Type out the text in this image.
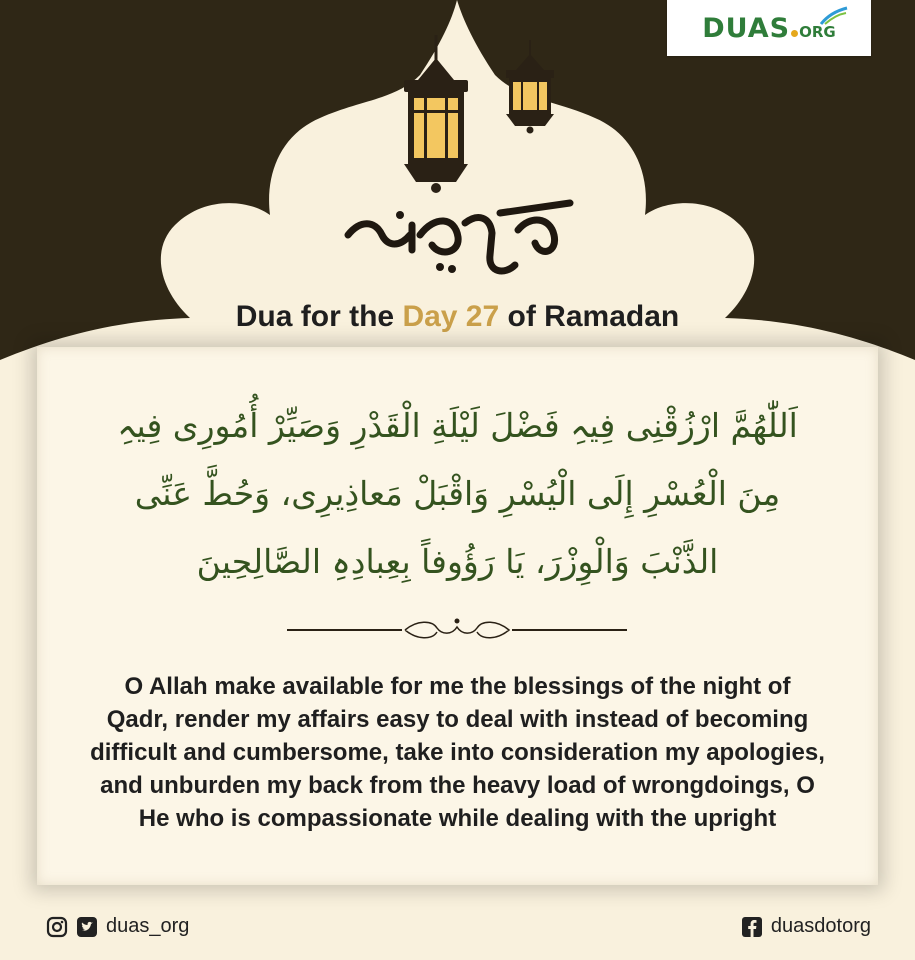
DUAS ORG
Dua for the Day 27 of Ramadan
اَللّٰهُمَّ ارْزُقْنِی فِیہِ فَضْلَ لَیْلَةِ الْقَدْرِ وَصَیِّرْ أُمُورِی فِیہِ
مِنَ الْعُسْرِ إِلَی الْیُسْرِ وَاقْبَلْ مَعاذِیرِی، وَحُطَّ عَنِّی
الذَّنْبَ وَالْوِزْرَ، یَا رَؤُوفاً بِعِبادِہِ الصَّالِحِینَ
O Allah make available for me the blessings of the night of
Qadr, render my affairs easy to deal with instead of becoming
difficult and cumbersome, take into consideration my apologies,
and unburden my back from the heavy load of wrongdoings, O
He who is compassionate while dealing with the upright
duas_org	duasdotorg
